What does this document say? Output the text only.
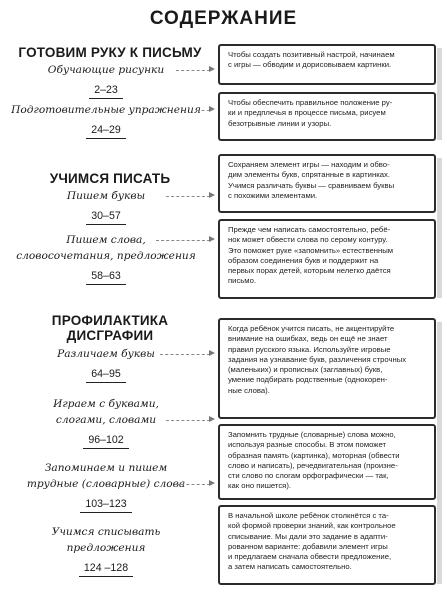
СОДЕРЖАНИЕ
ГОТОВИМ РУКУ К ПИСЬМУ
Обучающие рисунки
2–23
Подготовительные упражнения
24–29
Чтобы создать позитивный настрой, начинаем
с игры — обводим и дорисовываем картинки.
Чтобы обеспечить правильное положение ру-
ки и предплечья в процессе письма, рисуем
безотрывные линии и узоры.
УЧИМСЯ ПИСАТЬ
Пишем буквы
30–57
Пишем слова,
словосочетания, предложения
58–63
Сохраняем элемент игры — находим и обво-
дим элементы букв, спрятанные в картинках.
Учимся различать буквы — сравниваем буквы
с похожими элементами.
Прежде чем написать самостоятельно, ребё-
нок может обвести слова по серому контуру.
Это поможет руке «запомнить» естественным
образом соединения букв и поддержит на
первых порах детей, которым нелегко даётся
письмо.
ПРОФИЛАКТИКА
ДИСГРАФИИ
Различаем буквы
64–95
Играем с буквами,
слогами, словами
96–102
Запоминаем и пишем
трудные (словарные) слова
103–123
Учимся списывать
предложения
124 –128
Когда ребёнок учится писать, не акцентируйте
внимание на ошибках, ведь он ещё не знает
правил русского языка. Используйте игровые
задания на узнавание букв, различения строчных
(маленьких) и прописных (заглавных) букв,
умение подбирать родственные (однокорен-
ные слова).
Запомнить трудные (словарные) слова можно,
используя разные способы. В этом поможет
образная память (картинка), моторная (обвести
слово и написать), речедвигательная (произне-
сти слово по слогам орфографически — так,
как оно пишется).
В начальной школе ребёнок столкнётся с та-
кой формой проверки знаний, как контрольное
списывание. Мы дали это задание в адапти-
рованном варианте: добавили элемент игры
и предлагаем сначала обвести предложение,
а затем написать самостоятельно.
